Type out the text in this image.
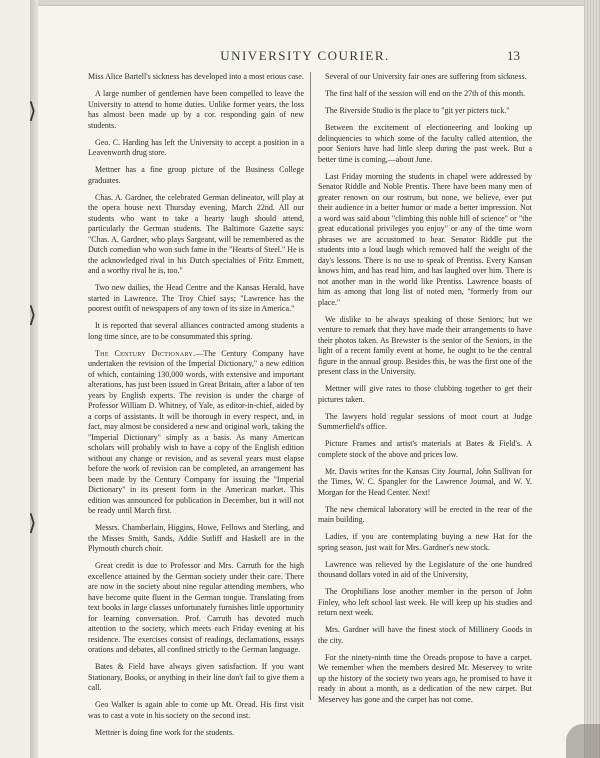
⟩
⟩
⟩
UNIVERSITY COURIER.	13

Miss Alice Bartell's sickness has developed into a most erious case.

A large number of gentlemen have been compelled to leave the University to attend to home duties. Unlike former years, the loss has almost been made up by a cor. responding gain of new students.

Geo. C. Harding has left the University to accept a position in a Leavenworth drug store.

Mettner has a fine group picture of the Business College graduates.

Chas. A. Gardner, the celebrated German delineator, will play at the opera house next Thursday evening, March 22nd. All our students who want to take a hearty laugh should attend, particularly the German students. The Baltimore Gazette says: "Chas. A. Gardner, who plays Sargeant, will be remembered as the Dutch comedian who won such fame in the "Hearts of Steel." He is the acknowledged rival in his Dutch specialties of Fritz Emmett, and a worthy rival he is, too."

Two new dailies, the Head Centre and the Kansas Herald, have started in Lawrence. The Troy Chief says; "Lawrence has the poorest outfit of newspapers of any town of its size in America."

It is reported that several alliances contracted among students a long time since, are to be consummated this spring.

The Century Dictionary.—The Century Company have undertaken the revision of the Imperial Dictionary," a new edition of which, containing 130,000 words, with extensive and important alterations, has just been issued in Great Britain, after a labor of ten years by English experts. The revision is under the charge of Professor William D. Whitney, of Yale, as editor-in-chief, aided by a corps of assistants. It will be thorough in every respect, and, in fact, may almost be considered a new and original work, taking the "Imperial Dictionary" simply as a basis. As many American scholars will probably wish to have a copy of the English edition without any change or revision, and as several years must elapse before the work of revision can be completed, an arrangement has been made by the Century Company for issuing the "Imperial Dictionary" in its present form in the American market. This edition was announced for publication in December, but it will not be ready until March first.

Messrs. Chamberlain, Higgins, Howe, Fellows and Sterling, and the Misses Smith, Sands, Addie Sutliff and Haskell are in the Plymouth church choir.

Great credit is due to Professor and Mrs. Carruth for the high excellence attained by the German society under their care. There are now in the society about nine regular attending members, who have become quite fluent in the German tongue. Translating from text books in large classes unfortunately furnishes little opportunity for learning conversation. Prof. Carruth has devoted much attention to the society, which meets each Friday evening at his residence. The exercises consist of readings, declamations, essays orations and debates, all confined strictly to the German language.

Bates & Field have always given satisfaction. If you want Stationary, Books, or anything in their line don't fail to give them a call.

Geo Walker is again able to come up Mt. Oread. His first visit was to cast a vote in his society on the second inst.

Mettner is doing fine work for the students.

Several of our University fair ones are suffering from sickness.

The first half of the session will end on the 27th of this month.

The Riverside Studio is the place to "git yer picters tuck."

Between the excitement of electioneering and looking up delinquencies to which some of the faculty called attention, the poor Seniors have had little sleep during the past week. But a better time is coming,—about June.

Last Friday morning the students in chapel were addressed by Senator Riddle and Noble Prentis. There have been many men of greater renown on our rostrum, but none, we believe, ever put their audience in a better humor or made a better impression. Not a word was said about "climbing this noble hill of science" or "the great educational privileges you enjoy" or any of the time worn phrases we are accustomed to hear. Senator Riddle put the students into a loud laugh which removed half the weight of the day's lessons. There is no use to speak of Prentiss. Every Kansan knows him, and has read him, and has laughed over him. There is not another man in the world like Prentiss. Lawrence boasts of him as among that long list of noted men, "formerly from our place."

We dislike to be always speaking of those Seniors; but we venture to remark that they have made their arrangements to have their photos taken. As Brewster is the senior of the Seniors, in the light of a recent family event at home, he ought to be the central figure in the annual group. Besides this, he was the first one of the present class in the University.

Mettner will give rates to those clubbing together to get their pictures taken.

The lawyers hold regular sessions of moot court at Judge Summerfield's office.

Picture Frames and artist's materials at Bates & Field's. A complete stock of the above and prices low.

Mr. Davis writes for the Kansas City Journal, John Sullivan for the Times, W. C. Spangler for the Lawrence Journal, and W. Y. Morgan for the Head Center. Next!

The new chemical laboratory will be erected in the rear of the main building.

Ladies, if you are contemplating buying a new Hat for the spring season, just wait for Mrs. Gardner's new stock.

Lawrence was relieved by the Legislature of the one hundred thousand dollars voted in aid of the University,

The Orophilians lose another member in the person of John Finley, who left school last week. He will keep up his studies and return next week.

Mrs. Gardner will have the finest stock of Millinery Goods in the city.

For the ninety-ninth time the Oreads propose to have a carpet. We remember when the members desired Mr. Meservey to write up the history of the society two years ago, he promised to have it ready in about a month, as a dedication of the new carpet. But Meservey has gone and the carpet has not come.
